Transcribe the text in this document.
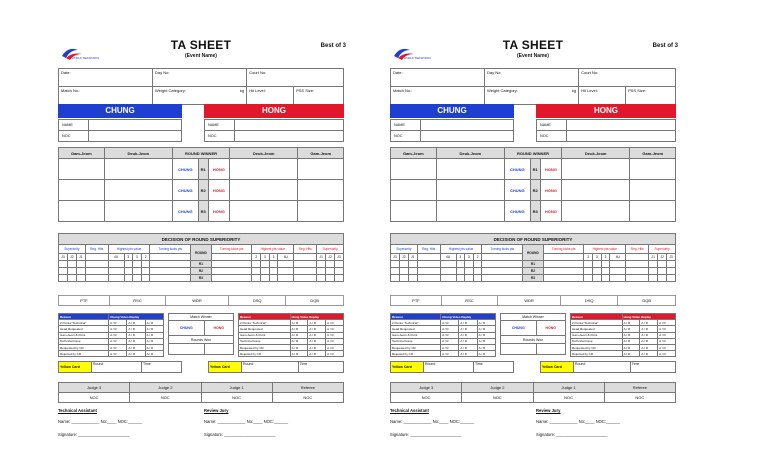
WORLD TAEKWONDO
TA SHEET
(Event Name)
Best of 3
Date:	Day No:	Court No:	
Match No.:	Weight Category: kg	Hit Level:	PSS Size:
CHUNG	HONG
NAME	
NOC	
NAME	
NOC	
Gam-Jeom	Deuk-Jeom	ROUND WINNER			Deuk-Jeom	Gam-Jeom
		CHUNG	R1	HONG		
		CHUNG	R2	HONG		
		CHUNG	R3	HONG		
DECISION OF ROUND SUPERIORITY																		
Superiority			Reg. Hits	Highest pts value				Turning kicks pts	ROUND	Turning kicks pts	Highest pts value				Reg. Hits	Superiority		
J3	J2	J1		4U	3	3	2				2	3	3	4U		J1	J2	J3
									R1									
									R2									
									R3									
PTF	RSC	WDR	DSQ	DQB
Reason	Chung Video Replay		
2 Points "Technical"	A / R	A / R	A / R
Head Requested	A / R	A / R	A / R
Gam-Jeom & Point	A / R	A / R	A / R
Technical Issue	A / R	A / R	A / R
Requested by CR	A / R	A / R	A / R
Rejected by CR	A / R	A / R	A / R
Match Winner	
CHUNG	HONG
Rounds Won	

Reason	Hong Video Replay		
2 Points "Technical"	A / R	A / R	A / R
Head Requested	A / R	A / R	A / R
Gam-Jeom & Point	A / R	A / R	A / R
Technical Issue	A / R	A / R	A / R
Requested by CR	A / R	A / R	A / R
Rejected by CR	A / R	A / R	A / R
Yellow Card	Round	Time
Yellow Card	Round	Time
Judge 3	Judge 2	Judge 1	Referee
NOC	NOC	NOC	NOC
Technical Assistant
Name: ____________ No:____ NOC:______
Signature: ______________________
Review Jury
Name: ____________ No:____ NOC:______
Signature: ______________________
WORLD TAEKWONDO
TA SHEET
(Event Name)
Best of 3
Date:	Day No:	Court No:	
Match No.:	Weight Category: kg	Hit Level:	PSS Size:
CHUNG	HONG
NAME	
NOC	
NAME	
NOC	
Gam-Jeom	Deuk-Jeom	ROUND WINNER			Deuk-Jeom	Gam-Jeom
		CHUNG	R1	HONG		
		CHUNG	R2	HONG		
		CHUNG	R3	HONG		
DECISION OF ROUND SUPERIORITY																		
Superiority			Reg. Hits	Highest pts value				Turning kicks pts	ROUND	Turning kicks pts	Highest pts value				Reg. Hits	Superiority		
J3	J2	J1		4U	3	3	2				2	3	3	4U		J1	J2	J3
									R1									
									R2									
									R3									
PTF	RSC	WDR	DSQ	DQB
Reason	Chung Video Replay		
2 Points "Technical"	A / R	A / R	A / R
Head Requested	A / R	A / R	A / R
Gam-Jeom & Point	A / R	A / R	A / R
Technical Issue	A / R	A / R	A / R
Requested by CR	A / R	A / R	A / R
Rejected by CR	A / R	A / R	A / R
Match Winner	
CHUNG	HONG
Rounds Won	

Reason	Hong Video Replay		
2 Points "Technical"	A / R	A / R	A / R
Head Requested	A / R	A / R	A / R
Gam-Jeom & Point	A / R	A / R	A / R
Technical Issue	A / R	A / R	A / R
Requested by CR	A / R	A / R	A / R
Rejected by CR	A / R	A / R	A / R
Yellow Card	Round	Time
Yellow Card	Round	Time
Judge 3	Judge 2	Judge 1	Referee
NOC	NOC	NOC	NOC
Technical Assistant
Name: ____________ No:____ NOC:______
Signature: ______________________
Review Jury
Name: ____________ No:____ NOC:______
Signature: ______________________
